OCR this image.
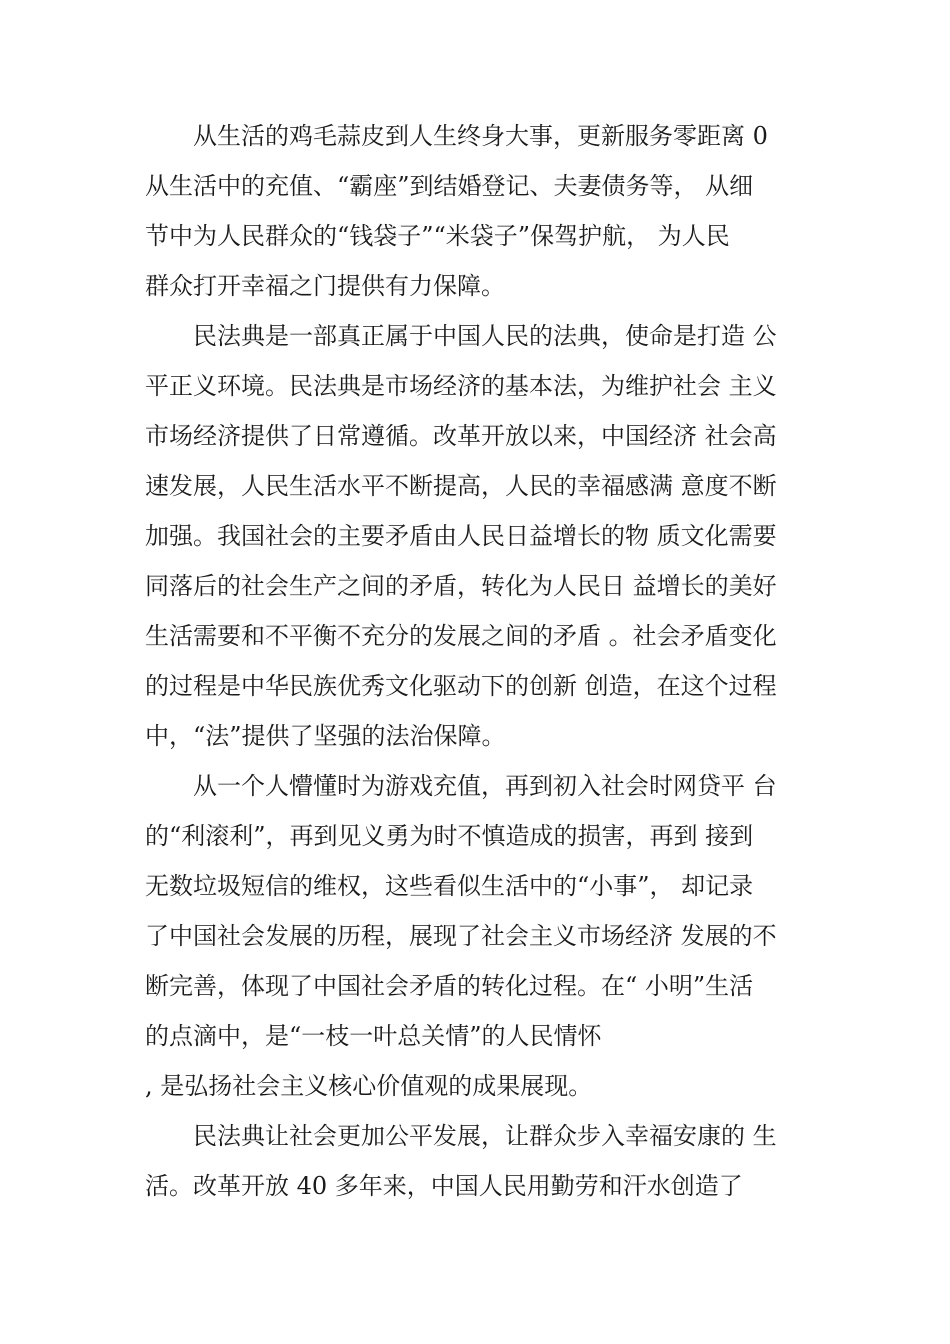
从生活的鸡毛蒜皮到人生终身大事，更新服务零距离 0
从生活中的充值、“霸座”到结婚登记、夫妻债务等， 从细
节中为人民群众的“钱袋子”“米袋子”保驾护航， 为人民
群众打开幸福之门提供有力保障。
民法典是一部真正属于中国人民的法典，使命是打造 公
平正义环境。民法典是市场经济的基本法，为维护社会 主义
市场经济提供了日常遵循。改革开放以来，中国经济 社会高
速发展，人民生活水平不断提高，人民的幸福感满 意度不断
加强。我国社会的主要矛盾由人民日益增长的物 质文化需要
同落后的社会生产之间的矛盾，转化为人民日 益增长的美好
生活需要和不平衡不充分的发展之间的矛盾 。社会矛盾变化
的过程是中华民族优秀文化驱动下的创新 创造，在这个过程
中，“法”提供了坚强的法治保障。
从一个人懵懂时为游戏充值，再到初入社会时网贷平 台
的“利滚利”，再到见义勇为时不慎造成的损害，再到 接到
无数垃圾短信的维权，这些看似生活中的“小事”， 却记录
了中国社会发展的历程，展现了社会主义市场经济 发展的不
断完善，体现了中国社会矛盾的转化过程。在“ 小明”生活
的点滴中，是“一枝一叶总关情”的人民情怀
, 是弘扬社会主义核心价值观的成果展现。
民法典让社会更加公平发展，让群众步入幸福安康的 生
活。改革开放 40 多年来，中国人民用勤劳和汗水创造了
